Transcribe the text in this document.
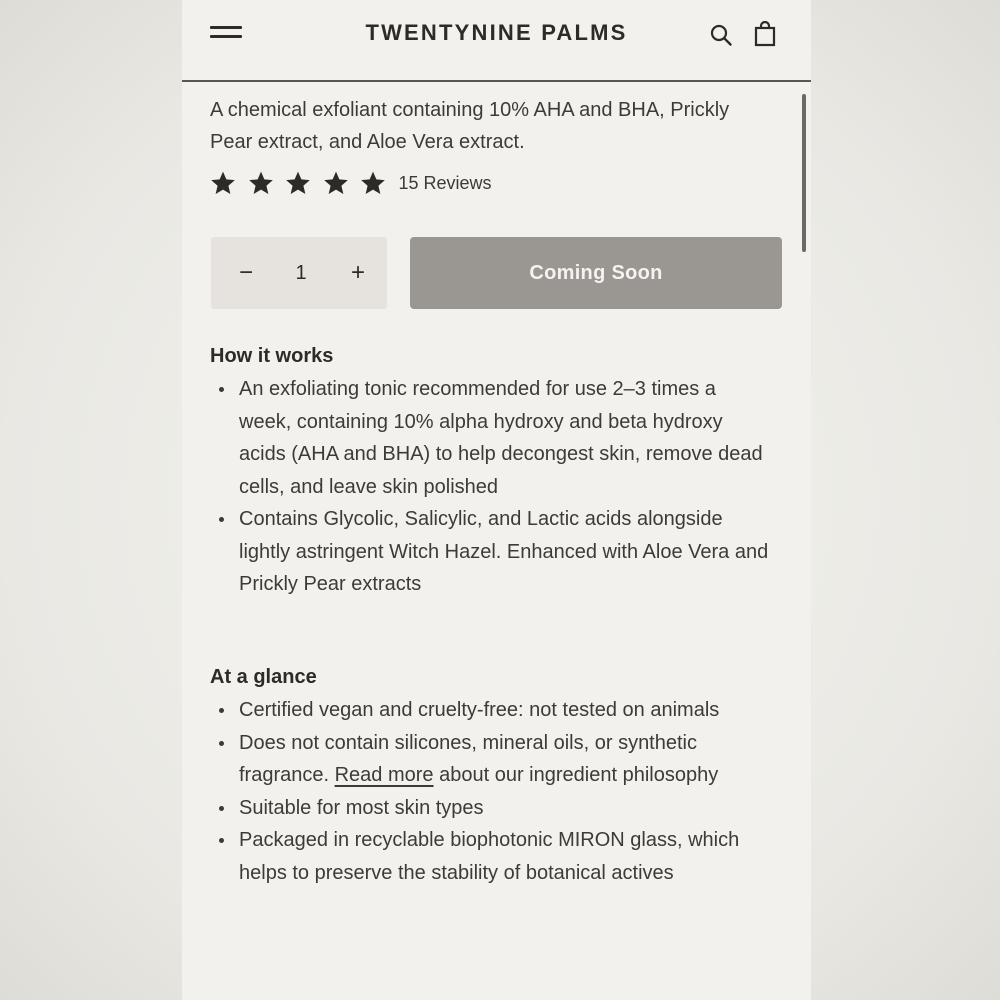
TWENTYNINE PALMS

A chemical exfoliant containing 10% AHA and BHA, Prickly Pear extract, and Aloe Vera extract.

15 Reviews
−	1	+	Coming Soon
How it works
An exfoliating tonic recommended for use 2–3 times a week, containing 10% alpha hydroxy and beta hydroxy acids (AHA and BHA) to help decongest skin, remove dead cells, and leave skin polished
Contains Glycolic, Salicylic, and Lactic acids alongside lightly astringent Witch Hazel. Enhanced with Aloe Vera and Prickly Pear extracts
At a glance
Certified vegan and cruelty-free: not tested on animals
Does not contain silicones, mineral oils, or synthetic fragrance. Read more about our ingredient philosophy
Suitable for most skin types
Packaged in recyclable biophotonic MIRON glass, which helps to preserve the stability of botanical actives
